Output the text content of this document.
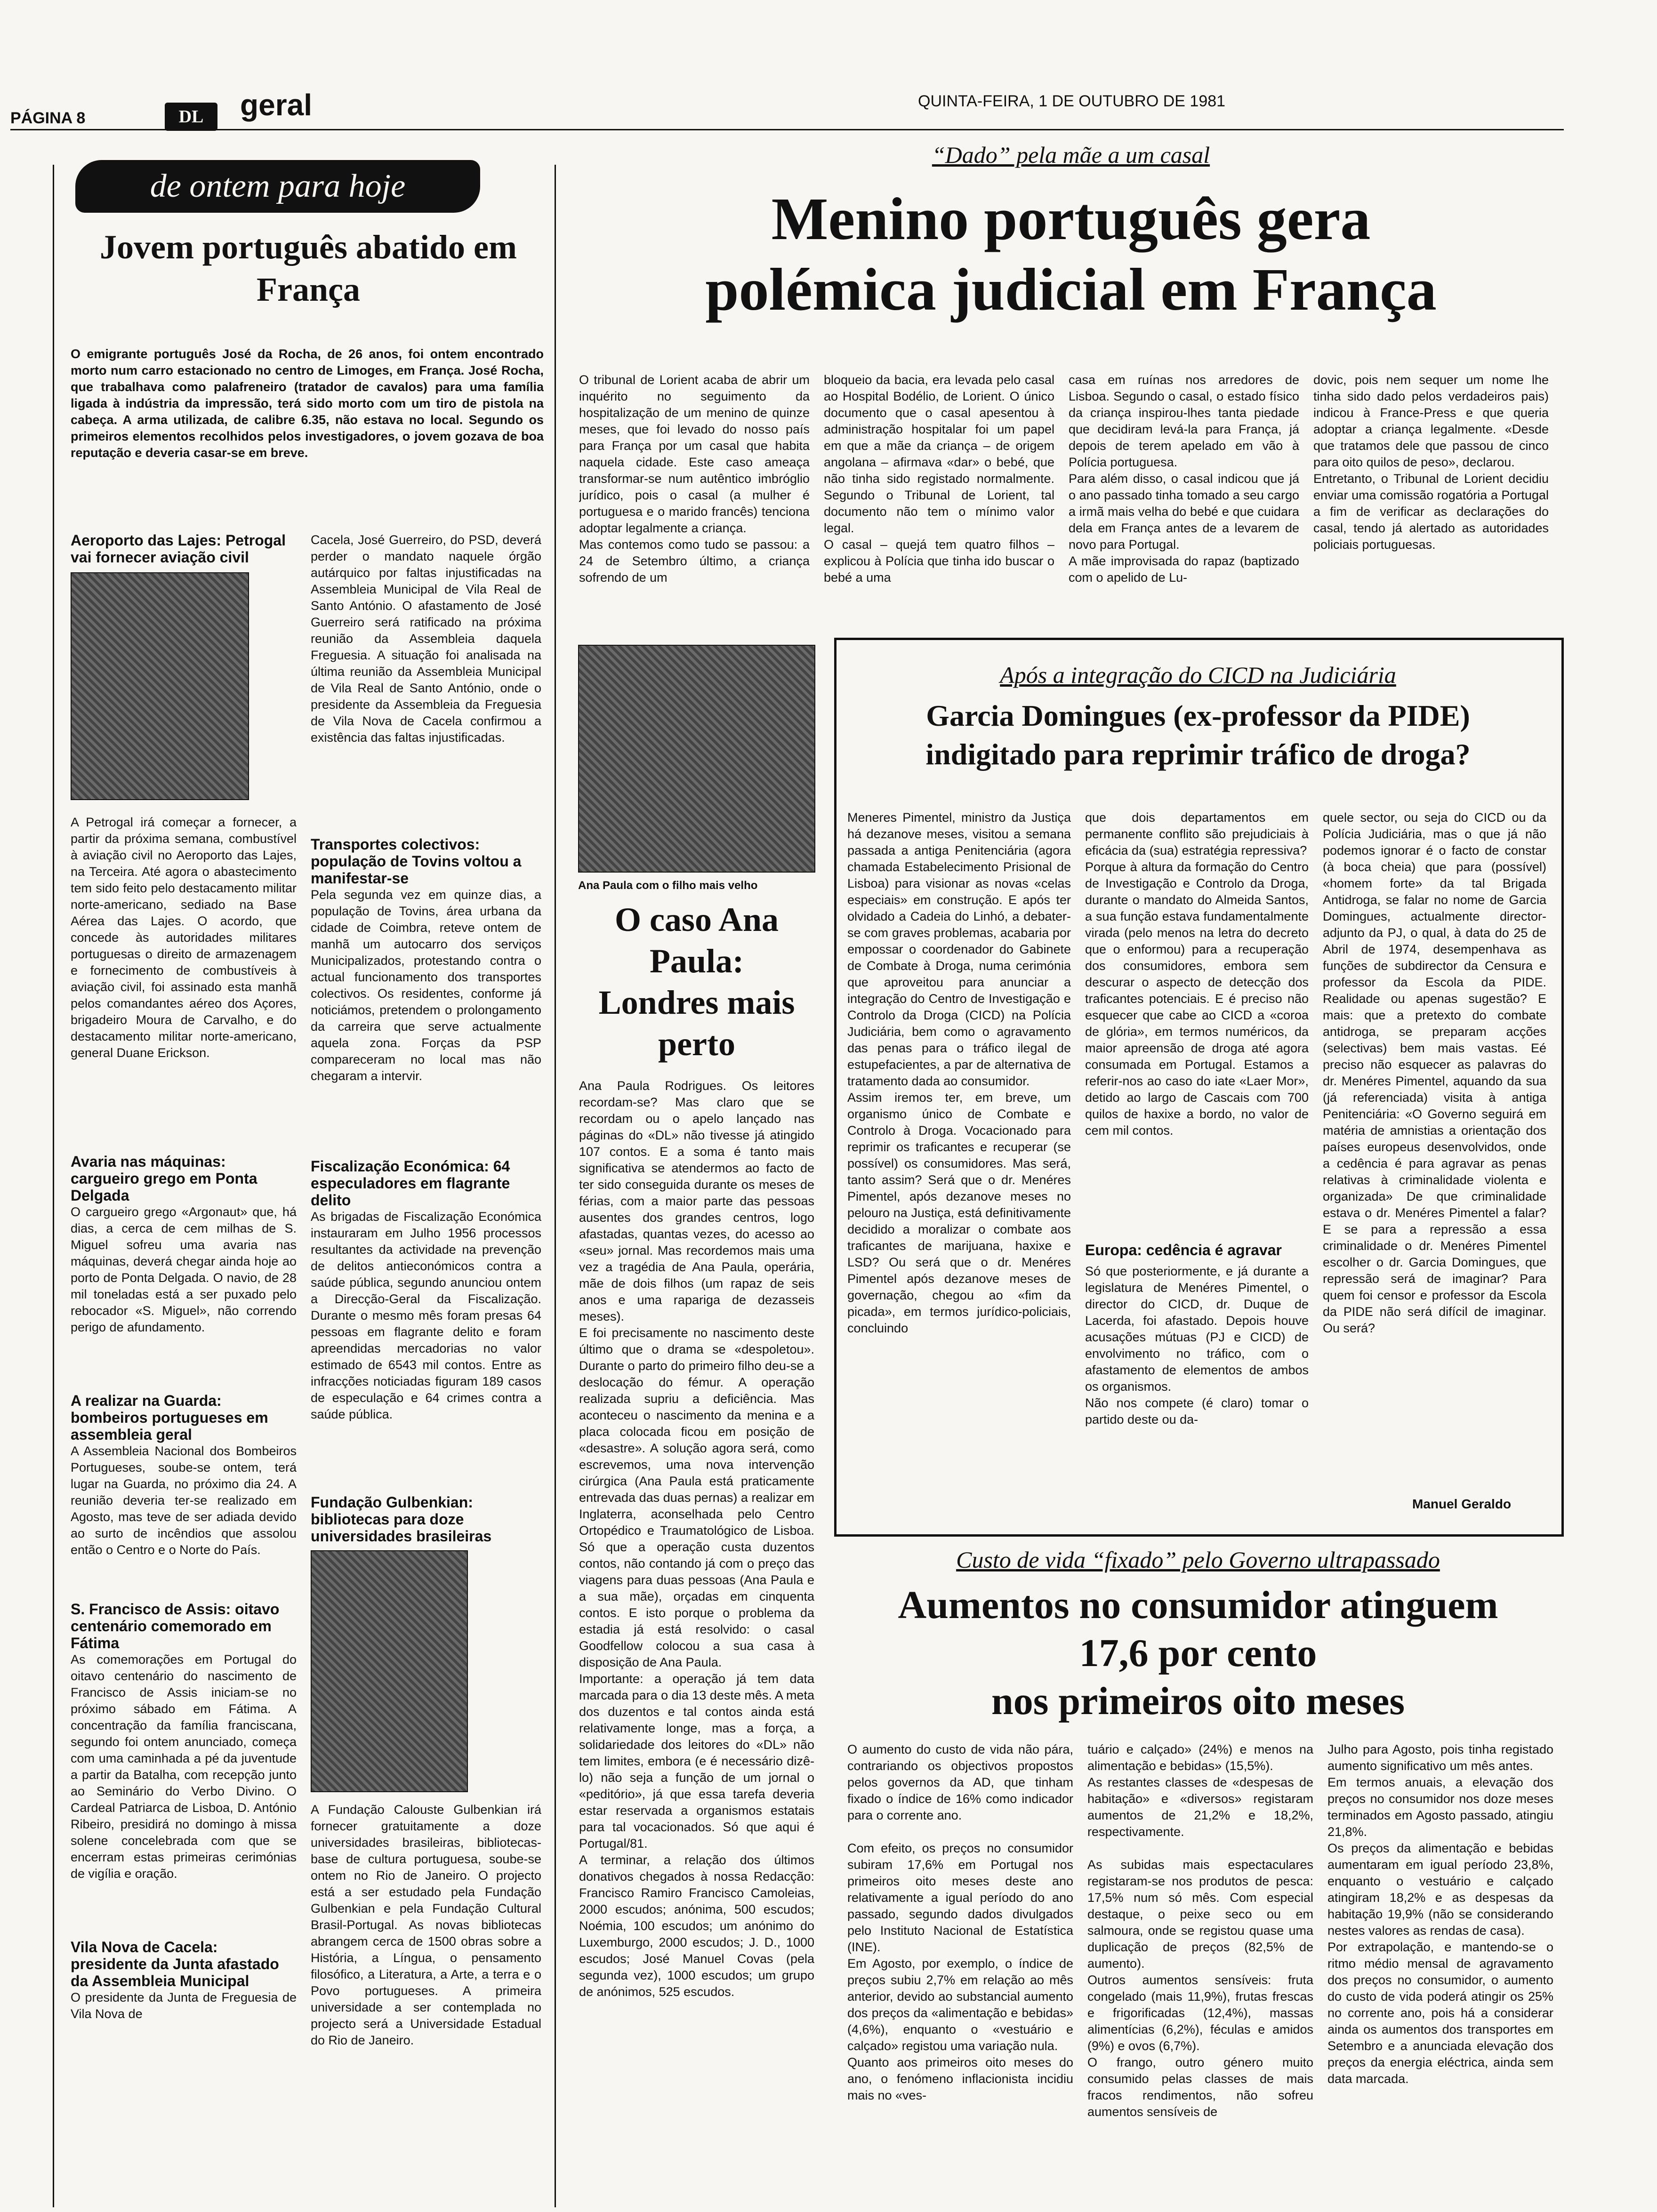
PÁGINA 8	DL	geral	QUINTA-FEIRA, 1 DE OUTUBRO DE 1981
de ontem para hoje
Jovem português abatido em França
O emigrante português José da Rocha, de 26 anos, foi ontem encontrado morto num carro estacionado no centro de Limoges, em França. José Rocha, que trabalhava como palafreneiro (tratador de cavalos) para uma família ligada à indústria da impressão, terá sido morto com um tiro de pistola na cabeça. A arma utilizada, de calibre 6.35, não estava no local. Segundo os primeiros elementos recolhidos pelos investigadores, o jovem gozava de boa reputação e deveria casar-se em breve.
Aeroporto das Lajes: Petrogal vai fornecer aviação civil
A Petrogal irá começar a fornecer, a partir da próxima semana, combustível à aviação civil no Aeroporto das Lajes, na Terceira. Até agora o abastecimento tem sido feito pelo destacamento militar norte-americano, sediado na Base Aérea das Lajes. O acordo, que concede às autoridades militares portuguesas o direito de armazenagem e fornecimento de combustíveis à aviação civil, foi assinado esta manhã pelos comandantes aéreo dos Açores, brigadeiro Moura de Carvalho, e do destacamento militar norte-americano, general Duane Erickson.
Avaria nas máquinas: cargueiro grego em Ponta Delgada
O cargueiro grego «Argonaut» que, há dias, a cerca de cem milhas de S. Miguel sofreu uma avaria nas máquinas, deverá chegar ainda hoje ao porto de Ponta Delgada. O navio, de 28 mil toneladas está a ser puxado pelo rebocador «S. Miguel», não correndo perigo de afundamento.
A realizar na Guarda: bombeiros portugueses em assembleia geral
A Assembleia Nacional dos Bombeiros Portugueses, soube-se ontem, terá lugar na Guarda, no próximo dia 24. A reunião deveria ter-se realizado em Agosto, mas teve de ser adiada devido ao surto de incêndios que assolou então o Centro e o Norte do País.
S. Francisco de Assis: oitavo centenário comemorado em Fátima
As comemorações em Portugal do oitavo centenário do nascimento de Francisco de Assis iniciam-se no próximo sábado em Fátima. A concentração da família franciscana, segundo foi ontem anunciado, começa com uma caminhada a pé da juventude a partir da Batalha, com recepção junto ao Seminário do Verbo Divino. O Cardeal Patriarca de Lisboa, D. António Ribeiro, presidirá no domingo à missa solene concelebrada com que se encerram estas primeiras cerimónias de vigília e oração.
Vila Nova de Cacela: presidente da Junta afastado da Assembleia Municipal
O presidente da Junta de Freguesia de Vila Nova de
Cacela, José Guerreiro, do PSD, deverá perder o mandato naquele órgão autárquico por faltas injustificadas na Assembleia Municipal de Vila Real de Santo António. O afastamento de José Guerreiro será ratificado na próxima reunião da Assembleia daquela Freguesia. A situação foi analisada na última reunião da Assembleia Municipal de Vila Real de Santo António, onde o presidente da Assembleia da Freguesia de Vila Nova de Cacela confirmou a existência das faltas injustificadas.
Transportes colectivos: população de Tovins voltou a manifestar-se
Pela segunda vez em quinze dias, a população de Tovins, área urbana da cidade de Coimbra, reteve ontem de manhã um autocarro dos serviços Municipalizados, protestando contra o actual funcionamento dos transportes colectivos. Os residentes, conforme já noticiámos, pretendem o prolongamento da carreira que serve actualmente aquela zona. Forças da PSP compareceram no local mas não chegaram a intervir.
Fiscalização Económica: 64 especuladores em flagrante delito
As brigadas de Fiscalização Económica instauraram em Julho 1956 processos resultantes da actividade na prevenção de delitos antieconómicos contra a saúde pública, segundo anunciou ontem a Direcção-Geral da Fiscalização. Durante o mesmo mês foram presas 64 pessoas em flagrante delito e foram apreendidas mercadorias no valor estimado de 6543 mil contos. Entre as infracções noticiadas figuram 189 casos de especulação e 64 crimes contra a saúde pública.
Fundação Gulbenkian: bibliotecas para doze universidades brasileiras
A Fundação Calouste Gulbenkian irá fornecer gratuitamente a doze universidades brasileiras, bibliotecas-base de cultura portuguesa, soube-se ontem no Rio de Janeiro. O projecto está a ser estudado pela Fundação Gulbenkian e pela Fundação Cultural Brasil-Portugal. As novas bibliotecas abrangem cerca de 1500 obras sobre a História, a Língua, o pensamento filosófico, a Literatura, a Arte, a terra e o Povo portugueses. A primeira universidade a ser contemplada no projecto será a Universidade Estadual do Rio de Janeiro.
“Dado” pela mãe a um casal
Menino português gera
polémica judicial em França
O tribunal de Lorient acaba de abrir um inquérito no seguimento da hospitalização de um menino de quinze meses, que foi levado do nosso país para França por um casal que habita naquela cidade. Este caso ameaça transformar-se num autêntico imbróglio jurídico, pois o casal (a mulher é portuguesa e o marido francês) tenciona adoptar legalmente a criança.
Mas contemos como tudo se passou: a 24 de Setembro último, a criança sofrendo de um
bloqueio da bacia, era levada pelo casal ao Hospital Bodélio, de Lorient. O único documento que o casal apesentou à administração hospitalar foi um papel em que a mãe da criança – de origem angolana – afirmava «dar» o bebé, que não tinha sido registado normalmente. Segundo o Tribunal de Lorient, tal documento não tem o mínimo valor legal.
O casal – quejá tem quatro filhos – explicou à Polícia que tinha ido buscar o bebé a uma
casa em ruínas nos arredores de Lisboa. Segundo o casal, o estado físico da criança inspirou-lhes tanta piedade que decidiram levá-la para França, já depois de terem apelado em vão à Polícia portuguesa.
Para além disso, o casal indicou que já o ano passado tinha tomado a seu cargo a irmã mais velha do bebé e que cuidara dela em França antes de a levarem de novo para Portugal.
A mãe improvisada do rapaz (baptizado com o apelido de Lu-
dovic, pois nem sequer um nome lhe tinha sido dado pelos verdadeiros pais) indicou à France-Press e que queria adoptar a criança legalmente. «Desde que tratamos dele que passou de cinco para oito quilos de peso», declarou.
Entretanto, o Tribunal de Lorient decidiu enviar uma comissão rogatória a Portugal a fim de verificar as declarações do casal, tendo já alertado as autoridades policiais portuguesas.
Ana Paula com o filho mais velho
O caso Ana Paula: Londres mais perto
Ana Paula Rodrigues. Os leitores recordam-se? Mas claro que se recordam ou o apelo lançado nas páginas do «DL» não tivesse já atingido 107 contos. E a soma é tanto mais significativa se atendermos ao facto de ter sido conseguida durante os meses de férias, com a maior parte das pessoas ausentes dos grandes centros, logo afastadas, quantas vezes, do acesso ao «seu» jornal. Mas recordemos mais uma vez a tragédia de Ana Paula, operária, mãe de dois filhos (um rapaz de seis anos e uma rapariga de dezasseis meses).
E foi precisamente no nascimento deste último que o drama se «despoletou». Durante o parto do primeiro filho deu-se a deslocação do fémur. A operação realizada supriu a deficiência. Mas aconteceu o nascimento da menina e a placa colocada ficou em posição de «desastre». A solução agora será, como escrevemos, uma nova intervenção cirúrgica (Ana Paula está praticamente entrevada das duas pernas) a realizar em Inglaterra, aconselhada pelo Centro Ortopédico e Traumatológico de Lisboa. Só que a operação custa duzentos contos, não contando já com o preço das viagens para duas pessoas (Ana Paula e a sua mãe), orçadas em cinquenta contos. E isto porque o problema da estadia já está resolvido: o casal Goodfellow colocou a sua casa à disposição de Ana Paula.
Importante: a operação já tem data marcada para o dia 13 deste mês. A meta dos duzentos e tal contos ainda está relativamente longe, mas a força, a solidariedade dos leitores do «DL» não tem limites, embora (e é necessário dizê-lo) não seja a função de um jornal o «peditório», já que essa tarefa deveria estar reservada a organismos estatais para tal vocacionados. Só que aqui é Portugal/81.
A terminar, a relação dos últimos donativos chegados à nossa Redacção: Francisco Ramiro Francisco Camoleias, 2000 escudos; anónima, 500 escudos; Noémia, 100 escudos; um anónimo do Luxemburgo, 2000 escudos; J. D., 1000 escudos; José Manuel Covas (pela segunda vez), 1000 escudos; um grupo de anónimos, 525 escudos.
Após a integração do CICD na Judiciária
Garcia Domingues (ex-professor da PIDE)
indigitado para reprimir tráfico de droga?
Meneres Pimentel, ministro da Justiça há dezanove meses, visitou a semana passada a antiga Penitenciária (agora chamada Estabelecimento Prisional de Lisboa) para visionar as novas «celas especiais» em construção. E após ter olvidado a Cadeia do Linhó, a debater-se com graves problemas, acabaria por empossar o coordenador do Gabinete de Combate à Droga, numa cerimónia que aproveitou para anunciar a integração do Centro de Investigação e Controlo da Droga (CICD) na Polícia Judiciária, bem como o agravamento das penas para o tráfico ilegal de estupefacientes, a par de alternativa de tratamento dada ao consumidor.
Assim iremos ter, em breve, um organismo único de Combate e Controlo à Droga. Vocacionado para reprimir os traficantes e recuperar (se possível) os consumidores. Mas será, tanto assim? Será que o dr. Menéres Pimentel, após dezanove meses no pelouro na Justiça, está definitivamente decidido a moralizar o combate aos traficantes de marijuana, haxixe e LSD? Ou será que o dr. Menéres Pimentel após dezanove meses de governação, chegou ao «fim da picada», em termos jurídico-policiais, concluindo
que dois departamentos em permanente conflito são prejudiciais à eficácia da (sua) estratégia repressiva?
Porque à altura da formação do Centro de Investigação e Controlo da Droga, durante o mandato do Almeida Santos, a sua função estava fundamentalmente virada (pelo menos na letra do decreto que o enformou) para a recuperação dos consumidores, embora sem descurar o aspecto de detecção dos traficantes potenciais. E é preciso não esquecer que cabe ao CICD a «coroa de glória», em termos numéricos, da maior apreensão de droga até agora consumada em Portugal. Estamos a referir-nos ao caso do iate «Laer Mor», detido ao largo de Cascais com 700 quilos de haxixe a bordo, no valor de cem mil contos.
Europa: cedência é agravar
Só que posteriormente, e já durante a legislatura de Menéres Pimentel, o director do CICD, dr. Duque de Lacerda, foi afastado. Depois houve acusações mútuas (PJ e CICD) de envolvimento no tráfico, com o afastamento de elementos de ambos os organismos.
Não nos compete (é claro) tomar o partido deste ou da-
quele sector, ou seja do CICD ou da Polícia Judiciária, mas o que já não podemos ignorar é o facto de constar (à boca cheia) que para (possível) «homem forte» da tal Brigada Antidroga, se falar no nome de Garcia Domingues, actualmente director-adjunto da PJ, o qual, à data do 25 de Abril de 1974, desempenhava as funções de subdirector da Censura e professor da Escola da PIDE. Realidade ou apenas sugestão? E mais: que a pretexto do combate antidroga, se preparam acções (selectivas) bem mais vastas. Eé preciso não esquecer as palavras do dr. Menéres Pimentel, aquando da sua (já referenciada) visita à antiga Penitenciária: «O Governo seguirá em matéria de amnistias a orientação dos países europeus desenvolvidos, onde a cedência é para agravar as penas relativas à criminalidade violenta e organizada» De que criminalidade estava o dr. Menéres Pimentel a falar? E se para a repressão a essa criminalidade o dr. Menéres Pimentel escolher o dr. Garcia Domingues, que repressão será de imaginar? Para quem foi censor e professor da Escola da PIDE não será difícil de imaginar. Ou será?
Manuel Geraldo
Custo de vida “fixado” pelo Governo ultrapassado
Aumentos no consumidor atinguem
17,6 por cento
nos primeiros oito meses
O aumento do custo de vida não pára, contrariando os objectivos propostos pelos governos da AD, que tinham fixado o índice de 16% como indicador para o corrente ano.

Com efeito, os preços no consumidor subiram 17,6% em Portugal nos primeiros oito meses deste ano relativamente a igual período do ano passado, segundo dados divulgados pelo Instituto Nacional de Estatística (INE).
Em Agosto, por exemplo, o índice de preços subiu 2,7% em relação ao mês anterior, devido ao substancial aumento dos preços da «alimentação e bebidas» (4,6%), enquanto o «vestuário e calçado» registou uma variação nula.
Quanto aos primeiros oito meses do ano, o fenómeno inflacionista incidiu mais no «ves-
tuário e calçado» (24%) e menos na alimentação e bebidas» (15,5%).
As restantes classes de «despesas de habitação» e «diversos» registaram aumentos de 21,2% e 18,2%, respectivamente.

As subidas mais espectaculares registaram-se nos produtos de pesca: 17,5% num só mês. Com especial destaque, o peixe seco ou em salmoura, onde se registou quase uma duplicação de preços (82,5% de aumento).
Outros aumentos sensíveis: fruta congelado (mais 11,9%), frutas frescas e frigorificadas (12,4%), massas alimentícias (6,2%), féculas e amidos (9%) e ovos (6,7%).
O frango, outro género muito consumido pelas classes de mais fracos rendimentos, não sofreu aumentos sensíveis de
Julho para Agosto, pois tinha registado aumento significativo um mês antes.
Em termos anuais, a elevação dos preços no consumidor nos doze meses terminados em Agosto passado, atingiu 21,8%.
Os preços da alimentação e bebidas aumentaram em igual período 23,8%, enquanto o vestuário e calçado atingiram 18,2% e as despesas da habitação 19,9% (não se considerando nestes valores as rendas de casa).
Por extrapolação, e mantendo-se o ritmo médio mensal de agravamento dos preços no consumidor, o aumento do custo de vida poderá atingir os 25% no corrente ano, pois há a considerar ainda os aumentos dos transportes em Setembro e a anunciada elevação dos preços da energia eléctrica, ainda sem data marcada.
